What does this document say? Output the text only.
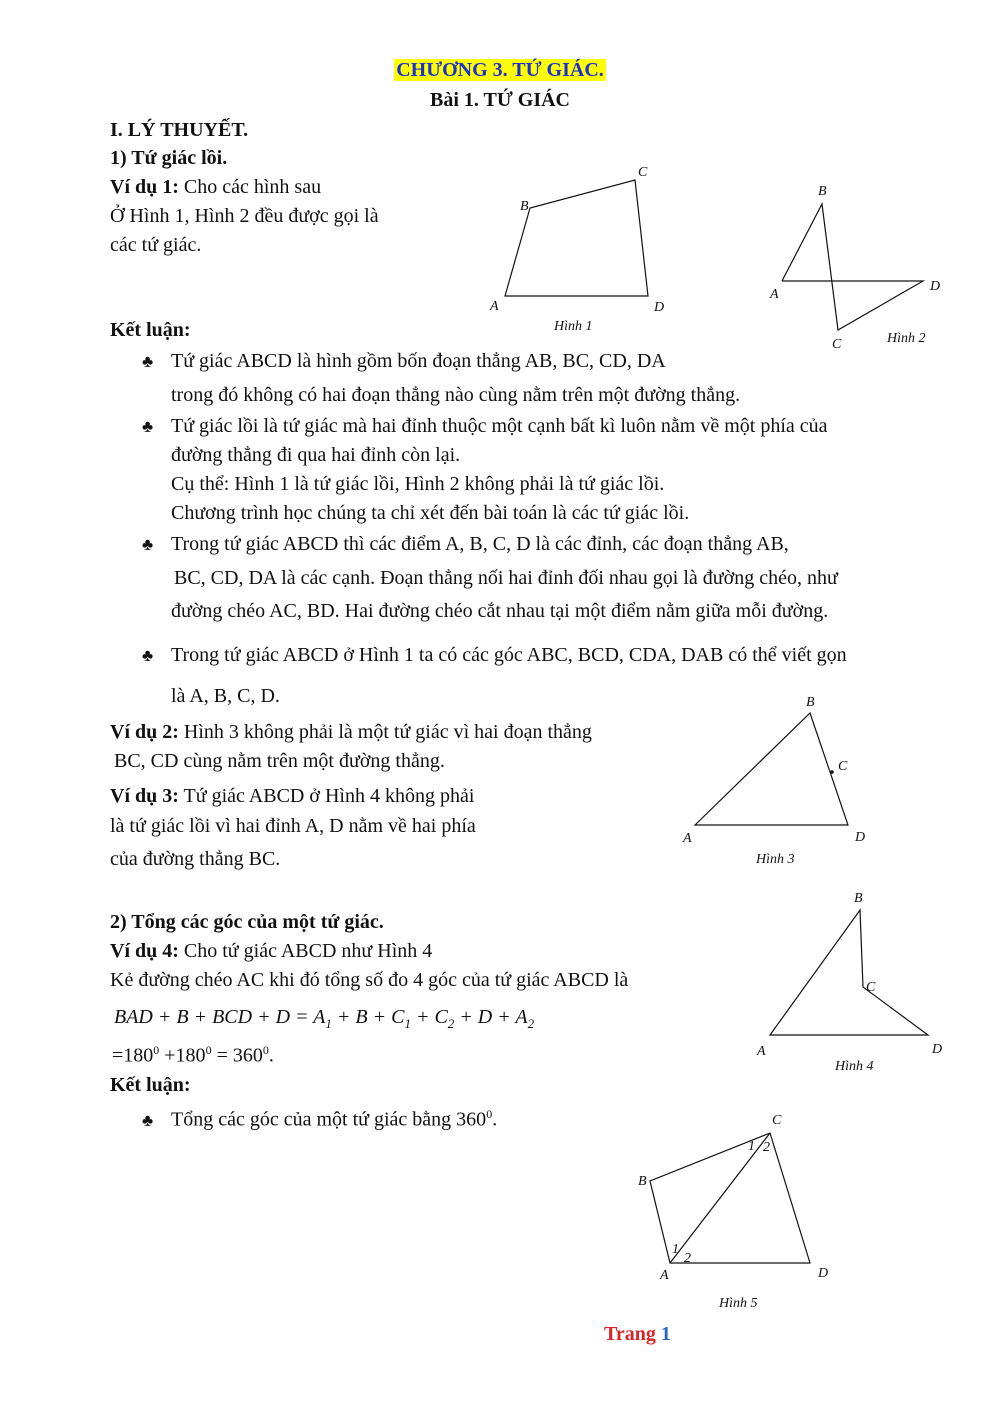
CHƯƠNG 3. TỨ GIÁC.
Bài 1. TỨ GIÁC
I. LÝ THUYẾT.
1) Tứ giác lồi.
Ví dụ 1: Cho các hình sau
Ở Hình 1, Hình 2 đều được gọi là
các tứ giác.
Kết luận:
♣ Tứ giác ABCD là hình gồm bốn đoạn thẳng AB, BC, CD, DA
trong đó không có hai đoạn thẳng nào cùng nằm trên một đường thẳng.
♣ Tứ giác lồi là tứ giác mà hai đỉnh thuộc một cạnh bất kì luôn nằm về một phía của
đường thẳng đi qua hai đỉnh còn lại.
Cụ thể: Hình 1 là tứ giác lồi, Hình 2 không phải là tứ giác lồi.
Chương trình học chúng ta chỉ xét đến bài toán là các tứ giác lồi.
♣ Trong tứ giác ABCD thì các điểm A, B, C, D là các đỉnh, các đoạn thẳng AB,
BC, CD, DA là các cạnh. Đoạn thẳng nối hai đỉnh đối nhau gọi là đường chéo, như
đường chéo AC, BD. Hai đường chéo cắt nhau tại một điểm nằm giữa mỗi đường.
♣ Trong tứ giác ABCD ở Hình 1 ta có các góc ABC, BCD, CDA, DAB có thể viết gọn
là A, B, C, D.
Ví dụ 2: Hình 3 không phải là một tứ giác vì hai đoạn thẳng
BC, CD cùng nằm trên một đường thẳng.
Ví dụ 3: Tứ giác ABCD ở Hình 4 không phải
là tứ giác lồi vì hai đỉnh A, D nằm về hai phía
của đường thẳng BC.
2) Tổng các góc của một tứ giác.
Ví dụ 4: Cho tứ giác ABCD như Hình 4
Kẻ đường chéo AC khi đó tổng số đo 4 góc của tứ giác ABCD là
BAD + B + BCD + $D = A_1 + B + C_1 + C_2 + D + A_2$
$=180^0 +180^0 = 360^0$.
Kết luận:
♣ Tổng các góc của một tứ giác bằng $360^0$.
A
B
C
D
Hình 1
A
B
C
D
Hình 2
A
B
C
D
Hình 3
A
B
C
D
Hình 4
A
B
C
D
1
2
1 2
Hình 5
Trang 1
